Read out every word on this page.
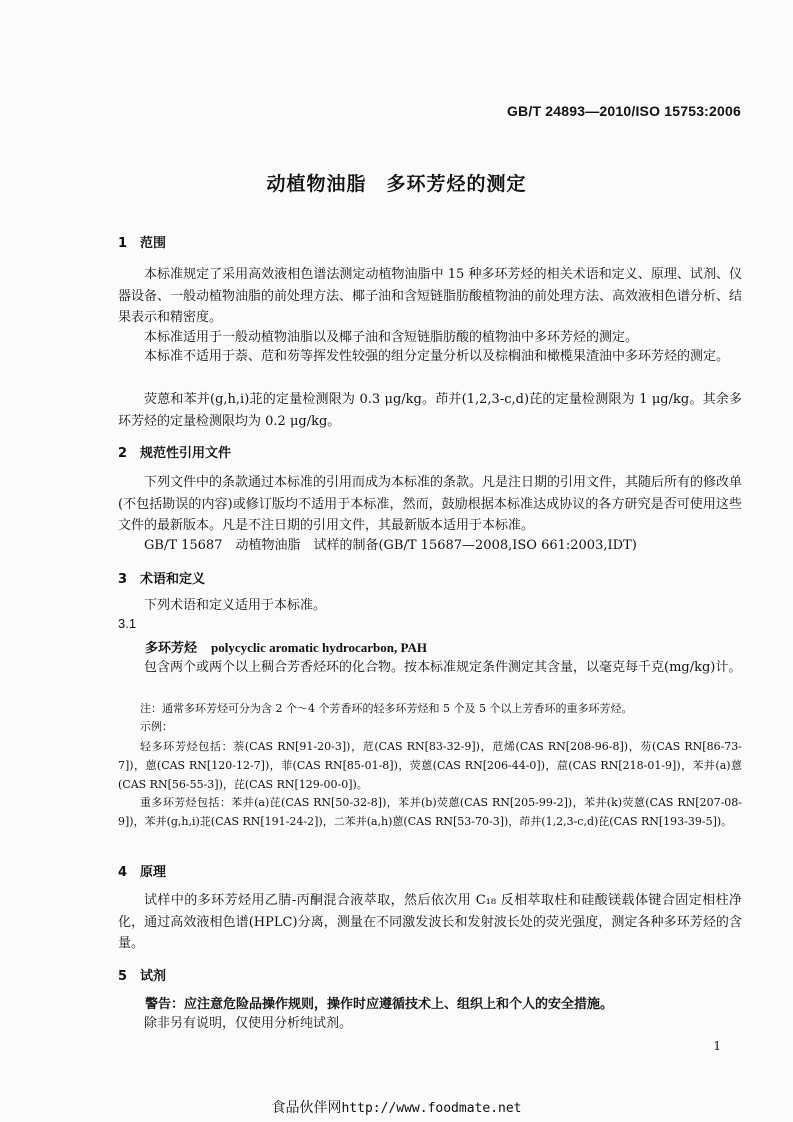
GB/T 24893—2010/ISO 15753:2006
动植物油脂　多环芳烃的测定
1 范围
本标准规定了采用高效液相色谱法测定动植物油脂中 15 种多环芳烃的相关术语和定义、原理、试剂、仪器设备、一般动植物油脂的前处理方法、椰子油和含短链脂肪酸植物油的前处理方法、高效液相色谱分析、结果表示和精密度。
本标准适用于一般动植物油脂以及椰子油和含短链脂肪酸的植物油中多环芳烃的测定。
本标准不适用于萘、苊和芴等挥发性较强的组分定量分析以及棕榈油和橄榄果渣油中多环芳烃的测定。
荧蒽和苯并(g,h,i)苝的定量检测限为 0.3 μg/kg。茚并(1,2,3-c,d)芘的定量检测限为 1 μg/kg。其余多环芳烃的定量检测限均为 0.2 μg/kg。
2 规范性引用文件
下列文件中的条款通过本标准的引用而成为本标准的条款。凡是注日期的引用文件，其随后所有的修改单(不包括勘误的内容)或修订版均不适用于本标准，然而，鼓励根据本标准达成协议的各方研究是否可使用这些文件的最新版本。凡是不注日期的引用文件，其最新版本适用于本标准。
GB/T 15687　动植物油脂　试样的制备(GB/T 15687—2008,ISO 661:2003,IDT)
3 术语和定义
下列术语和定义适用于本标准。
3.1
多环芳烃 polycyclic aromatic hydrocarbon, PAH
包含两个或两个以上稠合芳香烃环的化合物。按本标准规定条件测定其含量，以毫克每千克(mg/kg)计。
注：通常多环芳烃可分为含 2 个～4 个芳香环的轻多环芳烃和 5 个及 5 个以上芳香环的重多环芳烃。
示例：
轻多环芳烃包括：萘(CAS RN[91-20-3])，苊(CAS RN[83-32-9])，苊烯(CAS RN[208-96-8])，芴(CAS RN[86-73-7])，蒽(CAS RN[120-12-7])，菲(CAS RN[85-01-8])，荧蒽(CAS RN[206-44-0])，䓛(CAS RN[218-01-9])，苯并(a)蒽(CAS RN[56-55-3])，芘(CAS RN[129-00-0])。
重多环芳烃包括：苯并(a)芘(CAS RN[50-32-8])，苯并(b)荧蒽(CAS RN[205-99-2])，苯并(k)荧蒽(CAS RN[207-08-9])，苯并(g,h,i)苝(CAS RN[191-24-2])，二苯并(a,h)蒽(CAS RN[53-70-3])，茚并(1,2,3-c,d)芘(CAS RN[193-39-5])。
4 原理
试样中的多环芳烃用乙腈-丙酮混合液萃取，然后依次用 C₁₈ 反相萃取柱和硅酸镁载体键合固定相柱净化，通过高效液相色谱(HPLC)分离，测量在不同激发波长和发射波长处的荧光强度，测定各种多环芳烃的含量。
5 试剂
警告：应注意危险品操作规则，操作时应遵循技术上、组织上和个人的安全措施。
除非另有说明，仅使用分析纯试剂。
1
食品伙伴网http://www.foodmate.net
